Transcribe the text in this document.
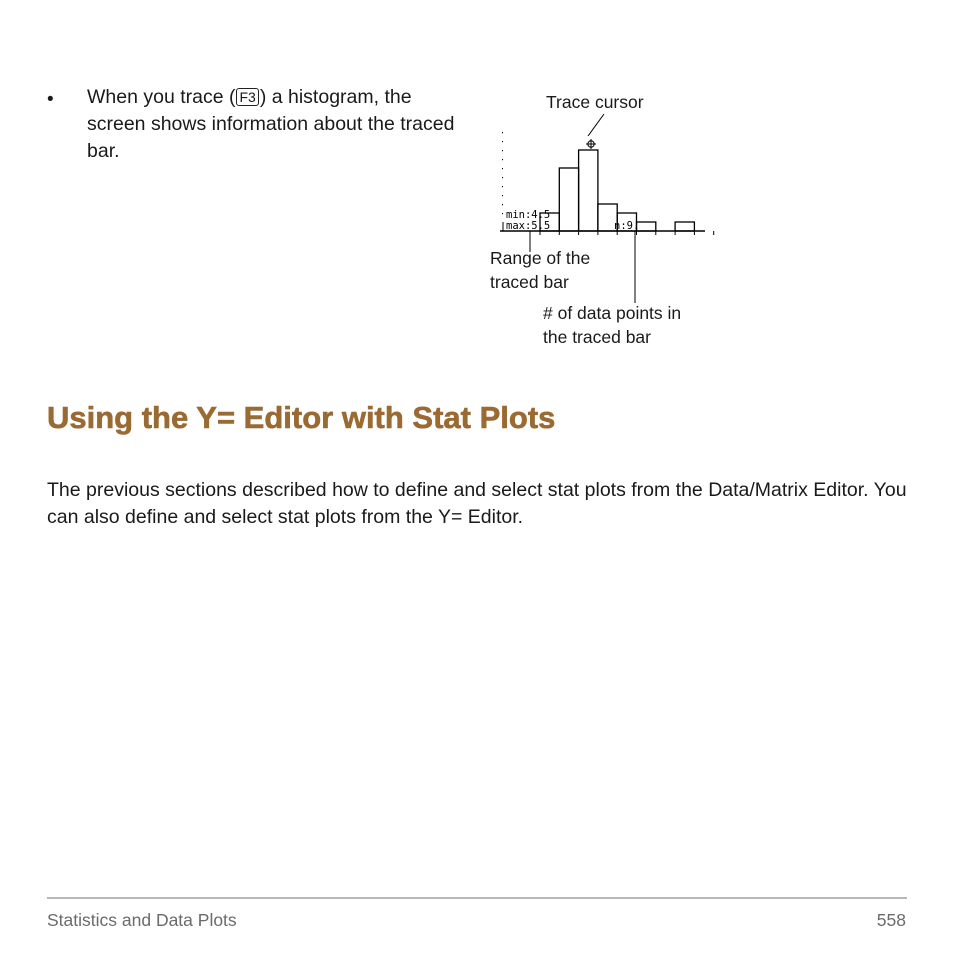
• When you trace ( F3 ) a histogram, the screen shows information about the traced bar.
min:4.5
max:5.5	n:9.
Trace cursor
Range of the
traced bar
# of data points in
the traced bar
Using the Y= Editor with Stat Plots

The previous sections described how to define and select stat plots from the Data/Matrix Editor. You can also define and select stat plots from the Y= Editor.

Statistics and Data Plots	558
